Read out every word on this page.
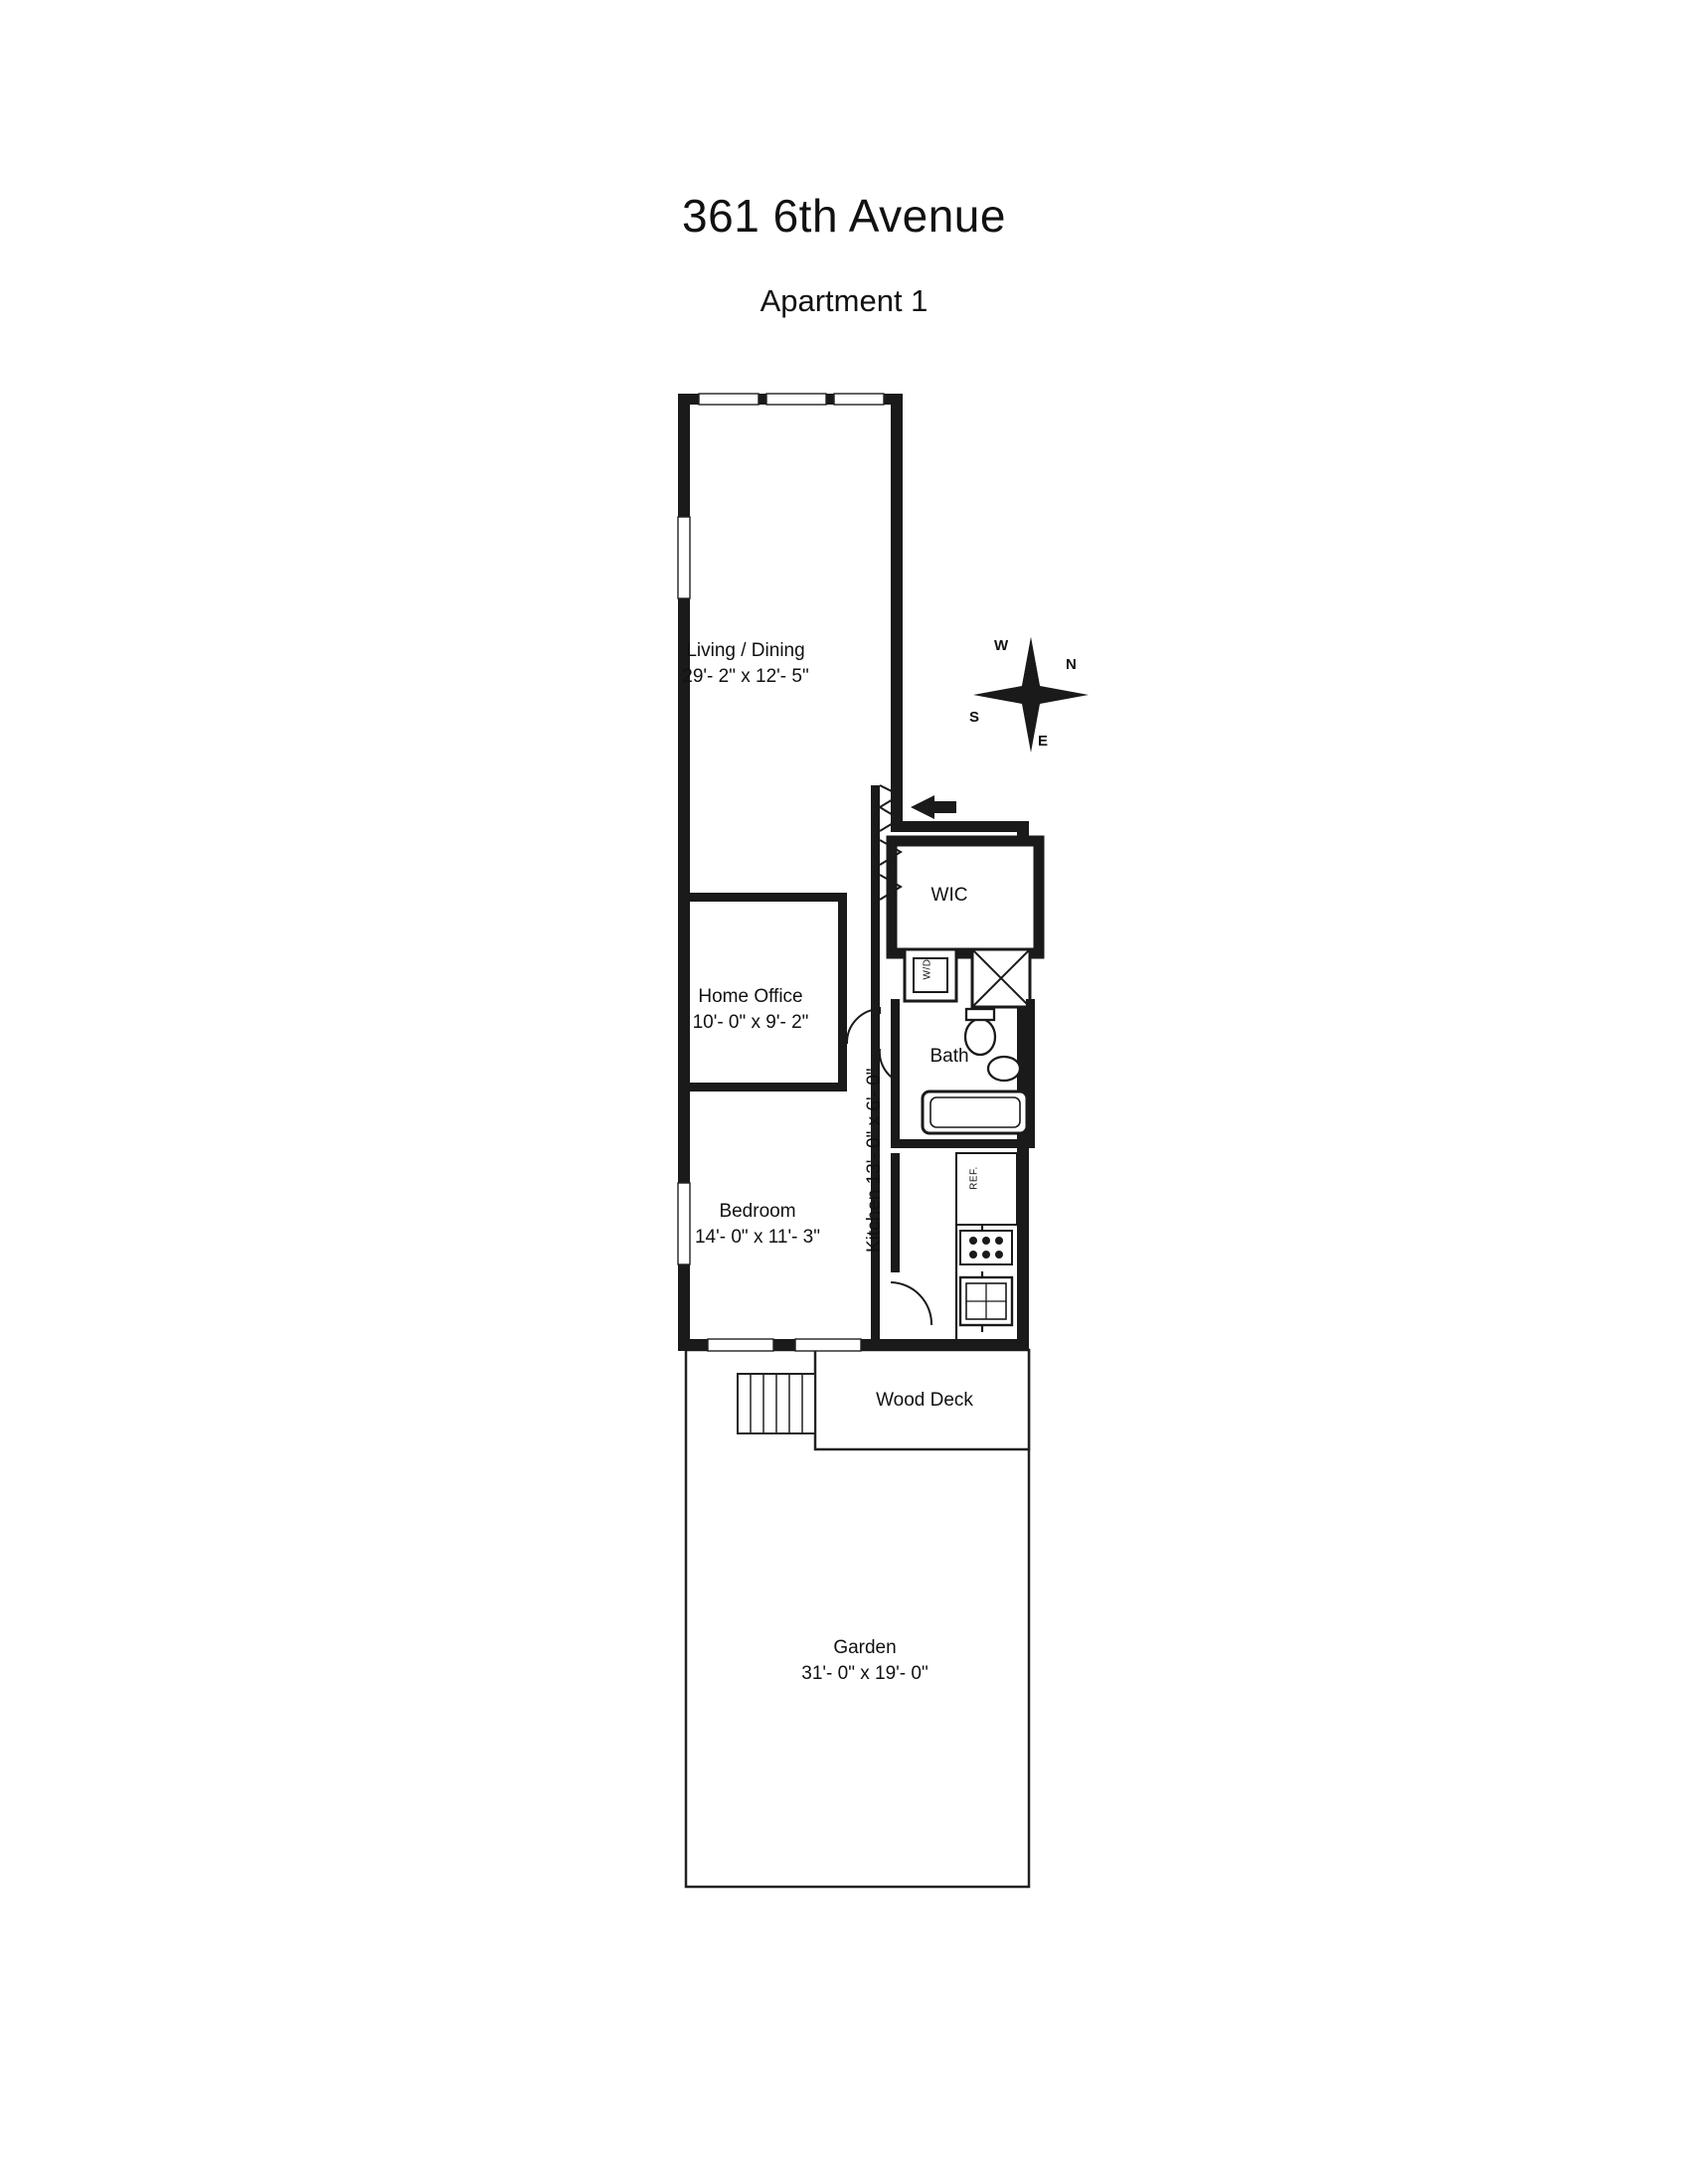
361 6th Avenue
Apartment 1
Living / Dining
29'- 2" x 12'- 5"
Home Office
10'- 0" x 9'- 2"
Bedroom
14'- 0" x 11'- 3"	Kitchen 13'- 0" x 6'- 0"
WIC
Bath
Wood Deck
Garden
31'- 0" x 19'- 0"
REF.
W/D
N
E
S
W
